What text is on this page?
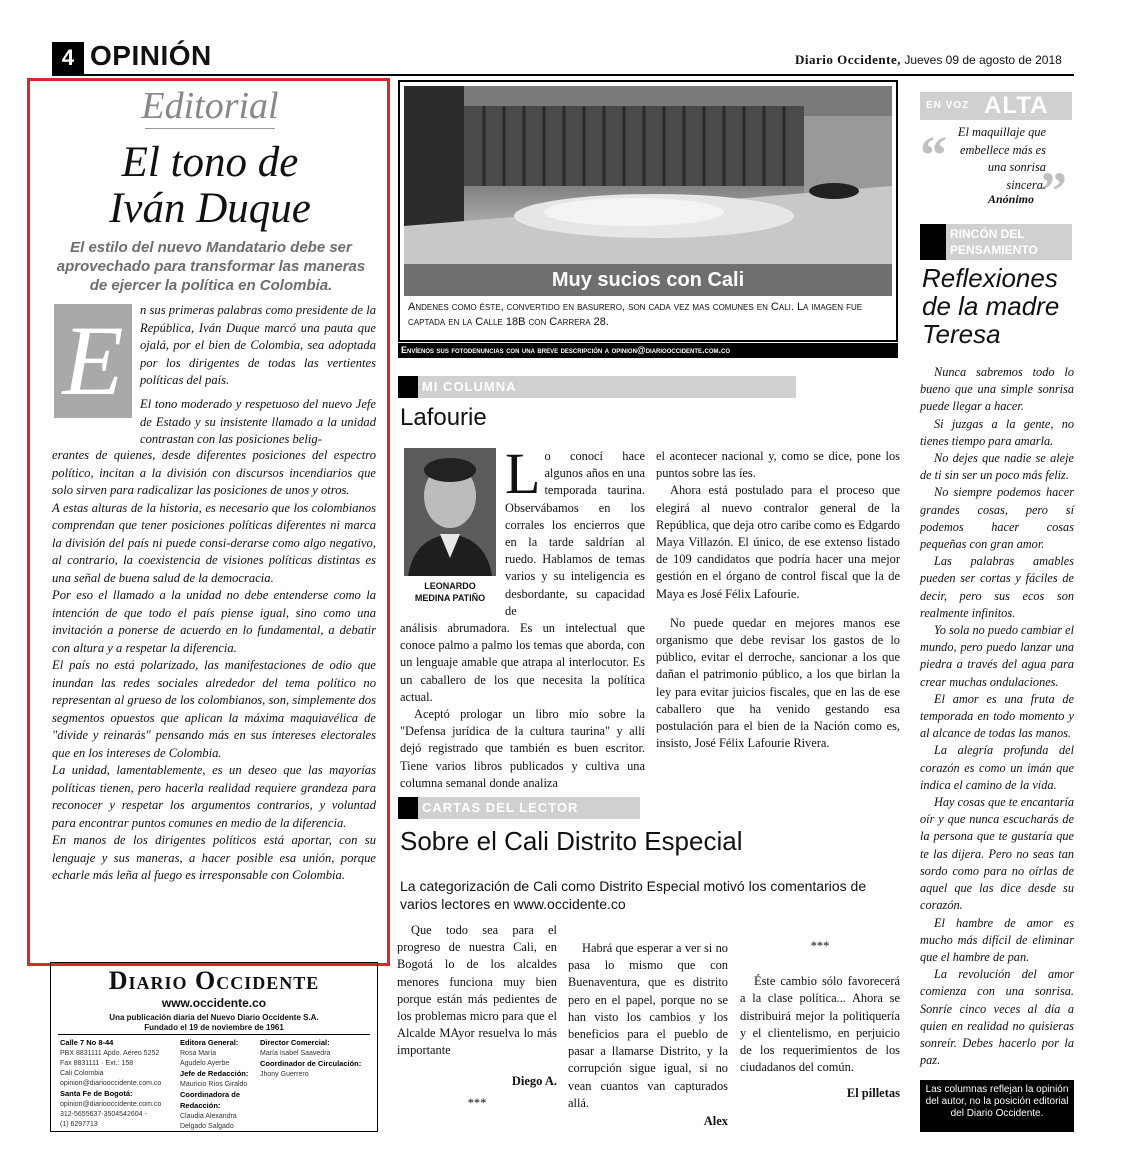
4 OPINIÓN	Diario Occidente, Jueves 09 de agosto de 2018
Editorial
El tono de
Iván Duque
El estilo del nuevo Mandatario debe ser aprovechado para transformar las maneras de ejercer la política en Colombia.
E	n sus primeras palabras como presidente de la República, Iván Duque marcó una pauta que ojalá, por el bien de Colombia, sea adoptada por los dirigentes de todas las vertientes políticas del país.
El tono moderado y respetuoso del nuevo Jefe de Estado y su insistente llamado a la unidad contrastan con las posiciones belig-

erantes de quienes, desde diferentes posiciones del espectro político, incitan a la división con discursos incendiarios que solo sirven para radicalizar las posiciones de unos y otros.

A estas alturas de la historia, es necesario que los colombianos comprendan que tener posiciones políticas diferentes ni marca la división del país ni puede consi-derarse como algo negativo, al contrario, la coexistencia de visiones políticas distintas es una señal de buena salud de la democracia.

Por eso el llamado a la unidad no debe entenderse como la intención de que todo el país piense igual, sino como una invitación a ponerse de acuerdo en lo fundamental, a debatir con altura y a respetar la diferencia.

El país no está polarizado, las manifestaciones de odio que inundan las redes sociales alrededor del tema político no representan al grueso de los colombianos, son, simplemente dos segmentos opuestos que aplican la máxima maquiavélica de "divide y reinarás" pensando más en sus intereses electorales que en los intereses de Colombia.

La unidad, lamentablemente, es un deseo que las mayorías políticas tienen, pero hacerla realidad requiere grandeza para reconocer y respetar los argumentos contrarios, y voluntad para encontrar puntos comunes en medio de la diferencia.

En manos de los dirigentes políticos está aportar, con su lenguaje y sus maneras, a hacer posible esa unión, porque echarle más leña al fuego es irresponsable con Colombia.

Diario Occidente
www.occidente.co
Una publicación diaria del Nuevo Diario Occidente S.A.
Fundado el 19 de noviembre de 1961
Calle 7 No 8-44
PBX 8831111 Apdo. Aéreo 5252
Fax 8831111 · Ext.: 158
Cali Colombia
opinion@diariooccidente.com.co
Santa Fe de Bogotá:
opinion@diariooccidente.com.co
312-5655637-3504542604 -
(1) 6297713
Editora General:
Rosa María
Agudelo Ayerbe
Jefe de Redacción:
Mauricio Ríos Giraldo
Coordinadora de
Redacción:
Claudia Alexandra
Delgado Salgado
Director Comercial:
María Isabel Saavedra
Coordinador de Circulación:
Jhony Guerrero
Muy sucios con Cali
Andenes como éste, convertido en basurero, son cada vez mas comunes en Cali. La imagen fue captada en la Calle 18B con Carrera 28.
Envíenos sus fotodenuncias con una breve descripción a opinion@diariooccidente.com.co
MI COLUMNA
Lafourie
LEONARDO
MEDINA PATIÑO
Lo conocí hace algunos años en una temporada taurina. Observábamos en los corrales los encierros que en la tarde saldrían al ruedo. Hablamos de temas varios y su inteligencia es desbordante, su capacidad de

análisis abrumadora. Es un intelectual que conoce palmo a palmo los temas que aborda, con un lenguaje amable que atrapa al interlocutor. Es un caballero de los que necesita la política actual.

Aceptó prologar un libro mío sobre la "Defensa jurídica de la cultura taurina" y allí dejó registrado que también es buen escritor. Tiene varios libros publicados y cultiva una columna semanal donde analiza

el acontecer nacional y, como se dice, pone los puntos sobre las íes.

Ahora está postulado para el proceso que elegirá al nuevo contralor general de la República, que deja otro caribe como es Edgardo Maya Villazón. El único, de ese extenso listado de 109 candidatos que podría hacer una mejor gestión en el órgano de control fiscal que la de Maya es José Félix Lafourie.

No puede quedar en mejores manos ese organismo que debe revisar los gastos de lo público, evitar el derroche, sancionar a los que dañan el patrimonio público, a los que birlan la ley para evitar juicios fiscales, que en las de ese caballero que ha venido gestando esa postulación para el bien de la Nación como es, insisto, José Félix Lafourie Rivera.

CARTAS DEL LECTOR
Sobre el Cali Distrito Especial
La categorización de Cali como Distrito Especial motivó los comentarios de varios lectores en www.occidente.co

Que todo sea para el progreso de nuestra Cali, en Bogotá lo de los alcaldes menores funciona muy bien porque están más pedientes de los problemas micro para que el Alcalde MAyor resuelva lo más importante

Diego A.

***

Habrá que esperar a ver si no pasa lo mismo que con Buenaventura, que es distrito pero en el papel, porque no se han visto los cambios y los beneficios para el pueblo de pasar a llamarse Distrito, y la corrupción sigue igual, si no vean cuantos van capturados allá.

Alex

***

Éste cambio sólo favorecerá a la clase política... Ahora se distribuirá mejor la politiquería y el clientelismo, en perjuicio de los requerimientos de los ciudadanos del común.

El pilletas

EN VOZ ALTA
“
”
El maquillaje que embellece más es una sonrisa sincera.
Anónimo
RINCÓN DEL PENSAMIENTO
Reflexiones de la madre Teresa

Nunca sabremos todo lo bueno que una simple sonrisa puede llegar a hacer.

Si juzgas a la gente, no tienes tiempo para amarla.

No dejes que nadie se aleje de ti sin ser un poco más feliz.

No siempre podemos hacer grandes cosas, pero sí podemos hacer cosas pequeñas con gran amor.

Las palabras amables pueden ser cortas y fáciles de decir, pero sus ecos son realmente infinitos.

Yo sola no puedo cambiar el mundo, pero puedo lanzar una piedra a través del agua para crear muchas ondulaciones.

El amor es una fruta de temporada en todo momento y al alcance de todas las manos.

La alegría profunda del corazón es como un imán que indica el camino de la vida.

Hay cosas que te encantaría oír y que nunca escucharás de la persona que te gustaría que te las dijera. Pero no seas tan sordo como para no oírlas de aquel que las dice desde su corazón.

El hambre de amor es mucho más difícil de eliminar que el hambre de pan.

La revolución del amor comienza con una sonrisa. Sonríe cinco veces al día a quien en realidad no quisieras sonreír. Debes hacerlo por la paz.

Las columnas reflejan la opinión del autor, no la posición editorial del Diario Occidente.
